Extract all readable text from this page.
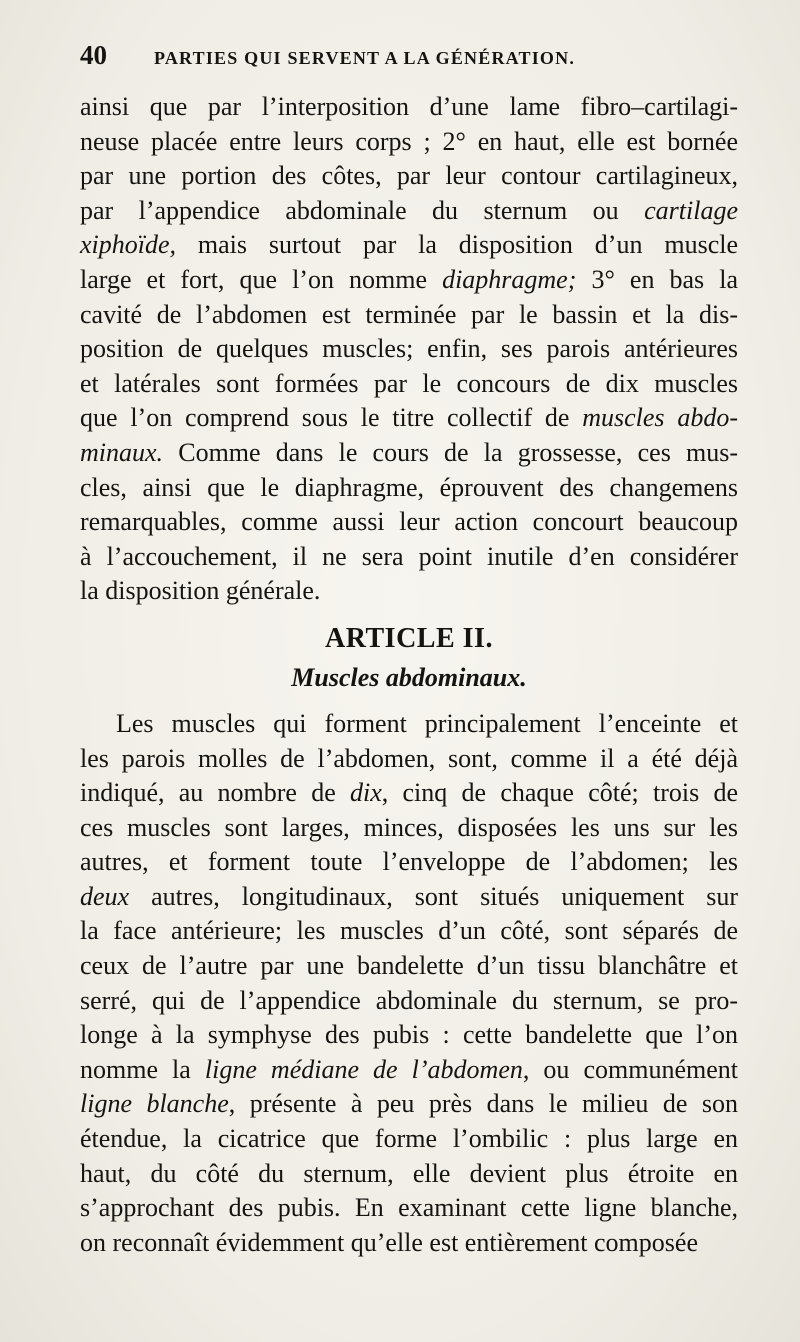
40	PARTIES QUI SERVENT A LA GÉNÉRATION.
ainsi que par l’interposition d’une lame fibro–cartilagi-
neuse placée entre leurs corps ; 2° en haut, elle est bornée
par une portion des côtes, par leur contour cartilagineux,
par l’appendice abdominale du sternum ou cartilage
xiphoïde, mais surtout par la disposition d’un muscle
large et fort, que l’on nomme diaphragme; 3° en bas la
cavité de l’abdomen est terminée par le bassin et la dis-
position de quelques muscles; enfin, ses parois antérieures
et latérales sont formées par le concours de dix muscles
que l’on comprend sous le titre collectif de muscles abdo-
minaux. Comme dans le cours de la grossesse, ces mus-
cles, ainsi que le diaphragme, éprouvent des changemens
remarquables, comme aussi leur action concourt beaucoup
à l’accouchement, il ne sera point inutile d’en considérer
la disposition générale.
ARTICLE II.
Muscles abdominaux.
Les muscles qui forment principalement l’enceinte et
les parois molles de l’abdomen, sont, comme il a été déjà
indiqué, au nombre de dix, cinq de chaque côté; trois de
ces muscles sont larges, minces, disposées les uns sur les
autres, et forment toute l’enveloppe de l’abdomen; les
deux autres, longitudinaux, sont situés uniquement sur
la face antérieure; les muscles d’un côté, sont séparés de
ceux de l’autre par une bandelette d’un tissu blanchâtre et
serré, qui de l’appendice abdominale du sternum, se pro-
longe à la symphyse des pubis : cette bandelette que l’on
nomme la ligne médiane de l’abdomen, ou communément
ligne blanche, présente à peu près dans le milieu de son
étendue, la cicatrice que forme l’ombilic : plus large en
haut, du côté du sternum, elle devient plus étroite en
s’approchant des pubis. En examinant cette ligne blanche,
on reconnaît évidemment qu’elle est entièrement composée
